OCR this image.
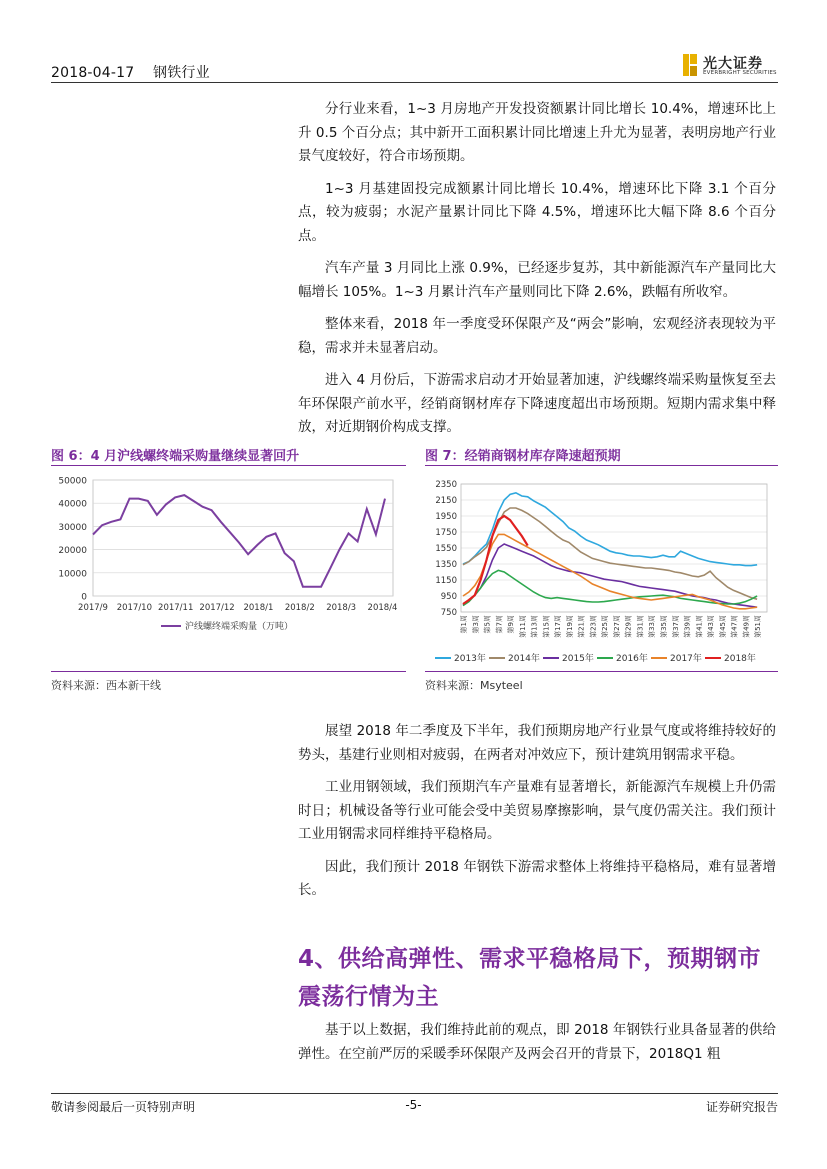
2018-04-17 钢铁行业
光大证券
EVERBRIGHT SECURITIES

分行业来看，1~3 月房地产开发投资额累计同比增长 10.4%，增速环比上升 0.5 个百分点；其中新开工面积累计同比增速上升尤为显著，表明房地产行业景气度较好，符合市场预期。

1~3 月基建固投完成额累计同比增长 10.4%，增速环比下降 3.1 个百分点，较为疲弱；水泥产量累计同比下降 4.5%，增速环比大幅下降 8.6 个百分点。

汽车产量 3 月同比上涨 0.9%，已经逐步复苏，其中新能源汽车产量同比大幅增长 105%。1~3 月累计汽车产量则同比下降 2.6%，跌幅有所收窄。

整体来看，2018 年一季度受环保限产及“两会”影响，宏观经济表现较为平稳，需求并未显著启动。

进入 4 月份后，下游需求启动才开始显著加速，沪线螺终端采购量恢复至去年环保限产前水平，经销商钢材库存下降速度超出市场预期。短期内需求集中释放，对近期钢价构成支撑。

图 6：4 月沪线螺终端采购量继续显著回升
0
10000
20000
30000
40000
50000
2017/9 2017/10 2017/11 2017/12 2018/1 2018/2 2018/3 2018/4
沪线螺终端采购量（万吨）
资料来源：西本新干线
图 7：经销商钢材库存降速超预期
750
950
1150
1350
1550
1750
1950
2150
2350
第1周 第3周 第5周 第7周 第9周 第11周 第13周 第15周 第17周 第19周 第21周 第23周 第25周 第27周 第29周 第31周 第33周 第35周 第37周 第39周 第41周 第43周 第45周 第47周 第49周 第51周
2013年 2014年 2015年 2016年 2017年 2018年
资料来源：Msyteel

展望 2018 年二季度及下半年，我们预期房地产行业景气度或将维持较好的势头，基建行业则相对疲弱，在两者对冲效应下，预计建筑用钢需求平稳。

工业用钢领域，我们预期汽车产量难有显著增长，新能源汽车规模上升仍需时日；机械设备等行业可能会受中美贸易摩擦影响，景气度仍需关注。我们预计工业用钢需求同样维持平稳格局。

因此，我们预计 2018 年钢铁下游需求整体上将维持平稳格局，难有显著增长。

4、供给高弹性、需求平稳格局下，预期钢市震荡行情为主

基于以上数据，我们维持此前的观点，即 2018 年钢铁行业具备显著的供给弹性。在空前严厉的采暖季环保限产及两会召开的背景下，2018Q1 粗

-5-
敬请参阅最后一页特别声明	证券研究报告
